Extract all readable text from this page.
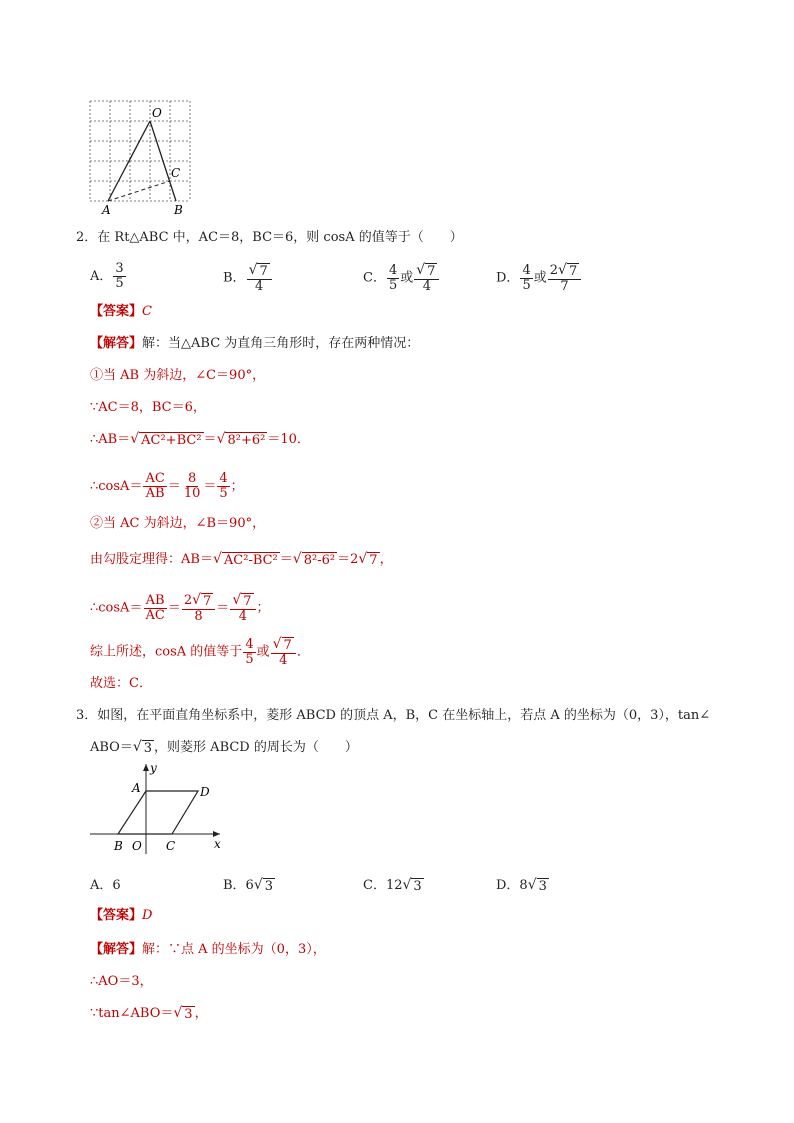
O
C
A	B
2．在 Rt△ABC 中，AC＝8，BC＝6，则 cosA 的值等于（　　）
A． $\frac{3}{5}$	B． $\frac{√ 7}{4}$	C． $\frac{4}{5}$ 或 $\frac{√ 7}{4}$	D． $\frac{4}{5}$ 或 $\frac{2 √ 7}{7}$
【答案】C
【解答】解：当△ABC 为直角三角形时，存在两种情况：
①当 AB 为斜边，∠C＝90°，
∵AC＝8，BC＝6，
∴AB＝ √ AC²+BC² ＝ √ 8²+6² ＝10．
∴cosA＝ $\frac{AC}{AB} = \frac{8}{10} = \frac{4}{5}$ ；
②当 AC 为斜边，∠B＝90°，
由勾股定理得：AB＝ √ AC²-BC² ＝ √ 8²-6² ＝2 √ 7 ，
∴cosA＝ $\frac{AB}{AC} = \frac{2 √ 7}{8} = \frac{√ 7}{4}$ ；
综上所述，cosA 的值等于 $\frac{4}{5}$ 或 $\frac{√ 7}{4}$ ．
故选：C．
3．如图，在平面直角坐标系中，菱形 ABCD 的顶点 A，B，C 在坐标轴上，若点 A 的坐标为（0，3），tan∠
ABO＝ √ 3 ，则菱形 ABCD 的周长为（　　）
y
A	D
B O C	x
A．6	B．6 √ 3	C．12 √ 3	D．8 √ 3
【答案】D
【解答】解：∵点 A 的坐标为（0，3），
∴AO＝3，
∵tan∠ABO＝ √ 3 ，
